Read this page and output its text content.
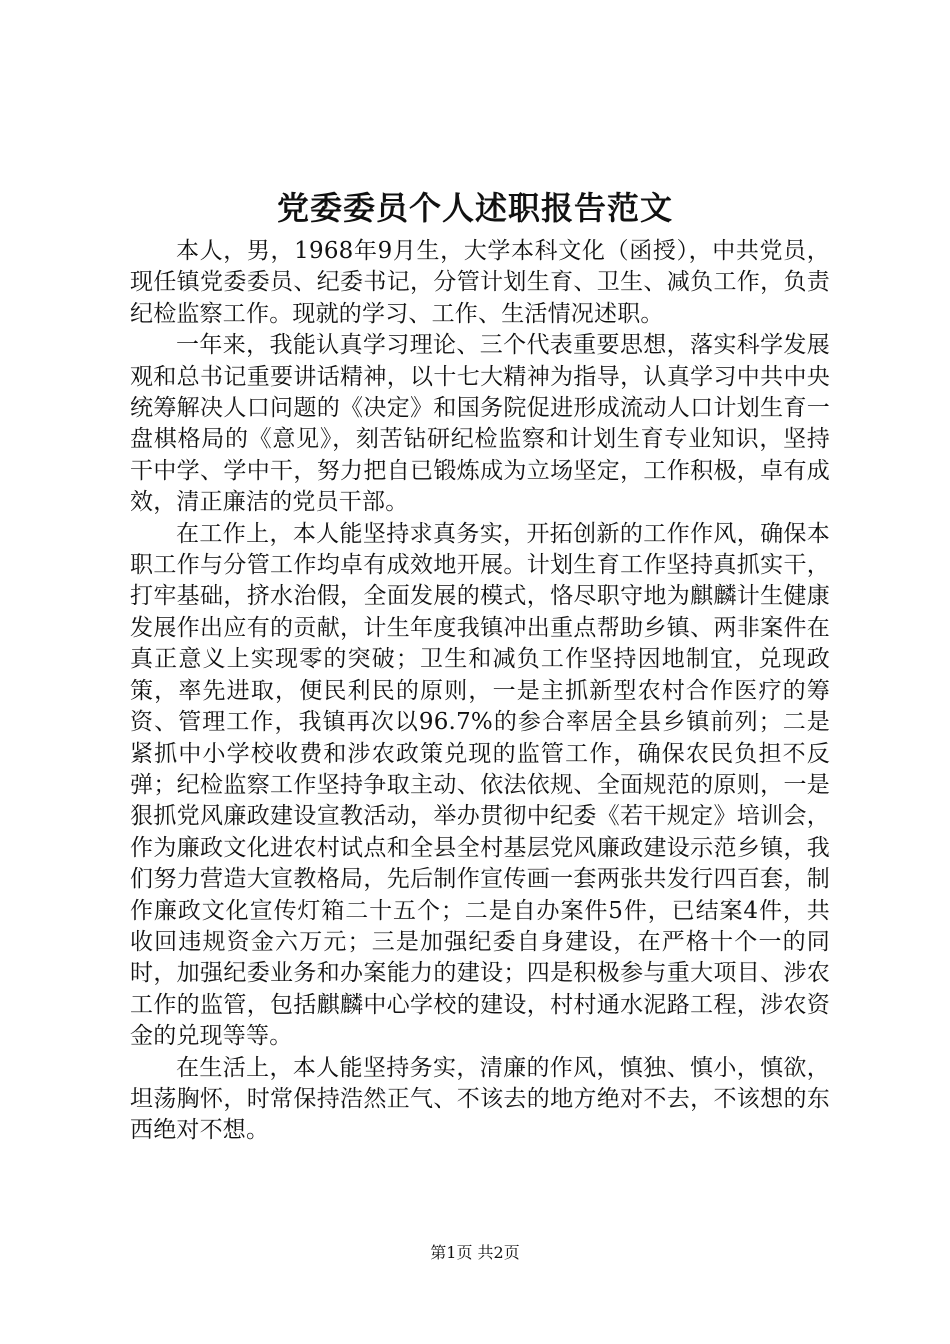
党委委员个人述职报告范文

本人，男，1968年9月生，大学本科文化（函授），中共党员，现任镇党委委员、纪委书记，分管计划生育、卫生、减负工作，负责纪检监察工作。现就的学习、工作、生活情况述职。

一年来，我能认真学习理论、三个代表重要思想，落实科学发展观和总书记重要讲话精神，以十七大精神为指导，认真学习中共中央统筹解决人口问题的《决定》和国务院促进形成流动人口计划生育一盘棋格局的《意见》，刻苦钻研纪检监察和计划生育专业知识，坚持干中学、学中干，努力把自已锻炼成为立场坚定，工作积极，卓有成效，清正廉洁的党员干部。

在工作上，本人能坚持求真务实，开拓创新的工作作风，确保本职工作与分管工作均卓有成效地开展。计划生育工作坚持真抓实干，打牢基础，挤水治假，全面发展的模式，恪尽职守地为麒麟计生健康发展作出应有的贡献，计生年度我镇冲出重点帮助乡镇、两非案件在真正意义上实现零的突破；卫生和减负工作坚持因地制宜，兑现政策，率先进取，便民利民的原则，一是主抓新型农村合作医疗的筹资、管理工作，我镇再次以96.7%的参合率居全县乡镇前列；二是紧抓中小学校收费和涉农政策兑现的监管工作，确保农民负担不反弹；纪检监察工作坚持争取主动、依法依规、全面规范的原则，一是狠抓党风廉政建设宣教活动，举办贯彻中纪委《若干规定》培训会，作为廉政文化进农村试点和全县全村基层党风廉政建设示范乡镇，我们努力营造大宣教格局，先后制作宣传画一套两张共发行四百套，制作廉政文化宣传灯箱二十五个；二是自办案件5件，已结案4件，共收回违规资金六万元；三是加强纪委自身建设，在严格十个一的同时，加强纪委业务和办案能力的建设；四是积极参与重大项目、涉农工作的监管，包括麒麟中心学校的建设，村村通水泥路工程，涉农资金的兑现等等。

在生活上，本人能坚持务实，清廉的作风，慎独、慎小，慎欲，坦荡胸怀，时常保持浩然正气、不该去的地方绝对不去，不该想的东西绝对不想。

第1页 共2页
